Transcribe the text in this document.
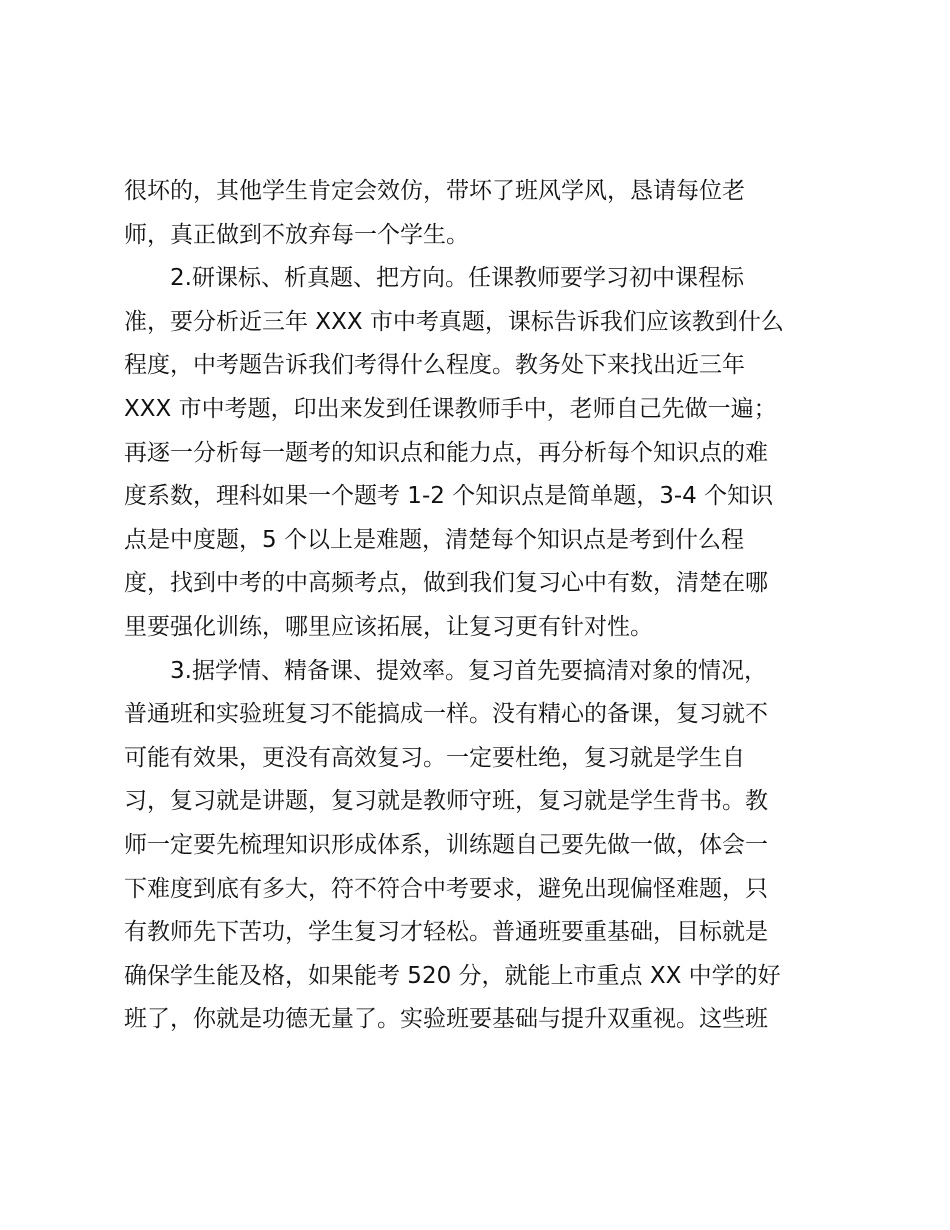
很坏的，其他学生肯定会效仿，带坏了班风学风，恳请每位老
师，真正做到不放弃每一个学生。
2.研课标、析真题、把方向。任课教师要学习初中课程标
准，要分析近三年 XXX 市中考真题，课标告诉我们应该教到什么
程度，中考题告诉我们考得什么程度。教务处下来找出近三年
XXX 市中考题，印出来发到任课教师手中，老师自己先做一遍；
再逐一分析每一题考的知识点和能力点，再分析每个知识点的难
度系数，理科如果一个题考 1-2 个知识点是简单题，3-4 个知识
点是中度题，5 个以上是难题，清楚每个知识点是考到什么程
度，找到中考的中高频考点，做到我们复习心中有数，清楚在哪
里要强化训练，哪里应该拓展，让复习更有针对性。
3.据学情、精备课、提效率。复习首先要搞清对象的情况，
普通班和实验班复习不能搞成一样。没有精心的备课，复习就不
可能有效果，更没有高效复习。一定要杜绝，复习就是学生自
习，复习就是讲题，复习就是教师守班，复习就是学生背书。教
师一定要先梳理知识形成体系，训练题自己要先做一做，体会一
下难度到底有多大，符不符合中考要求，避免出现偏怪难题，只
有教师先下苦功，学生复习才轻松。普通班要重基础，目标就是
确保学生能及格，如果能考 520 分，就能上市重点 XX 中学的好
班了，你就是功德无量了。实验班要基础与提升双重视。这些班
